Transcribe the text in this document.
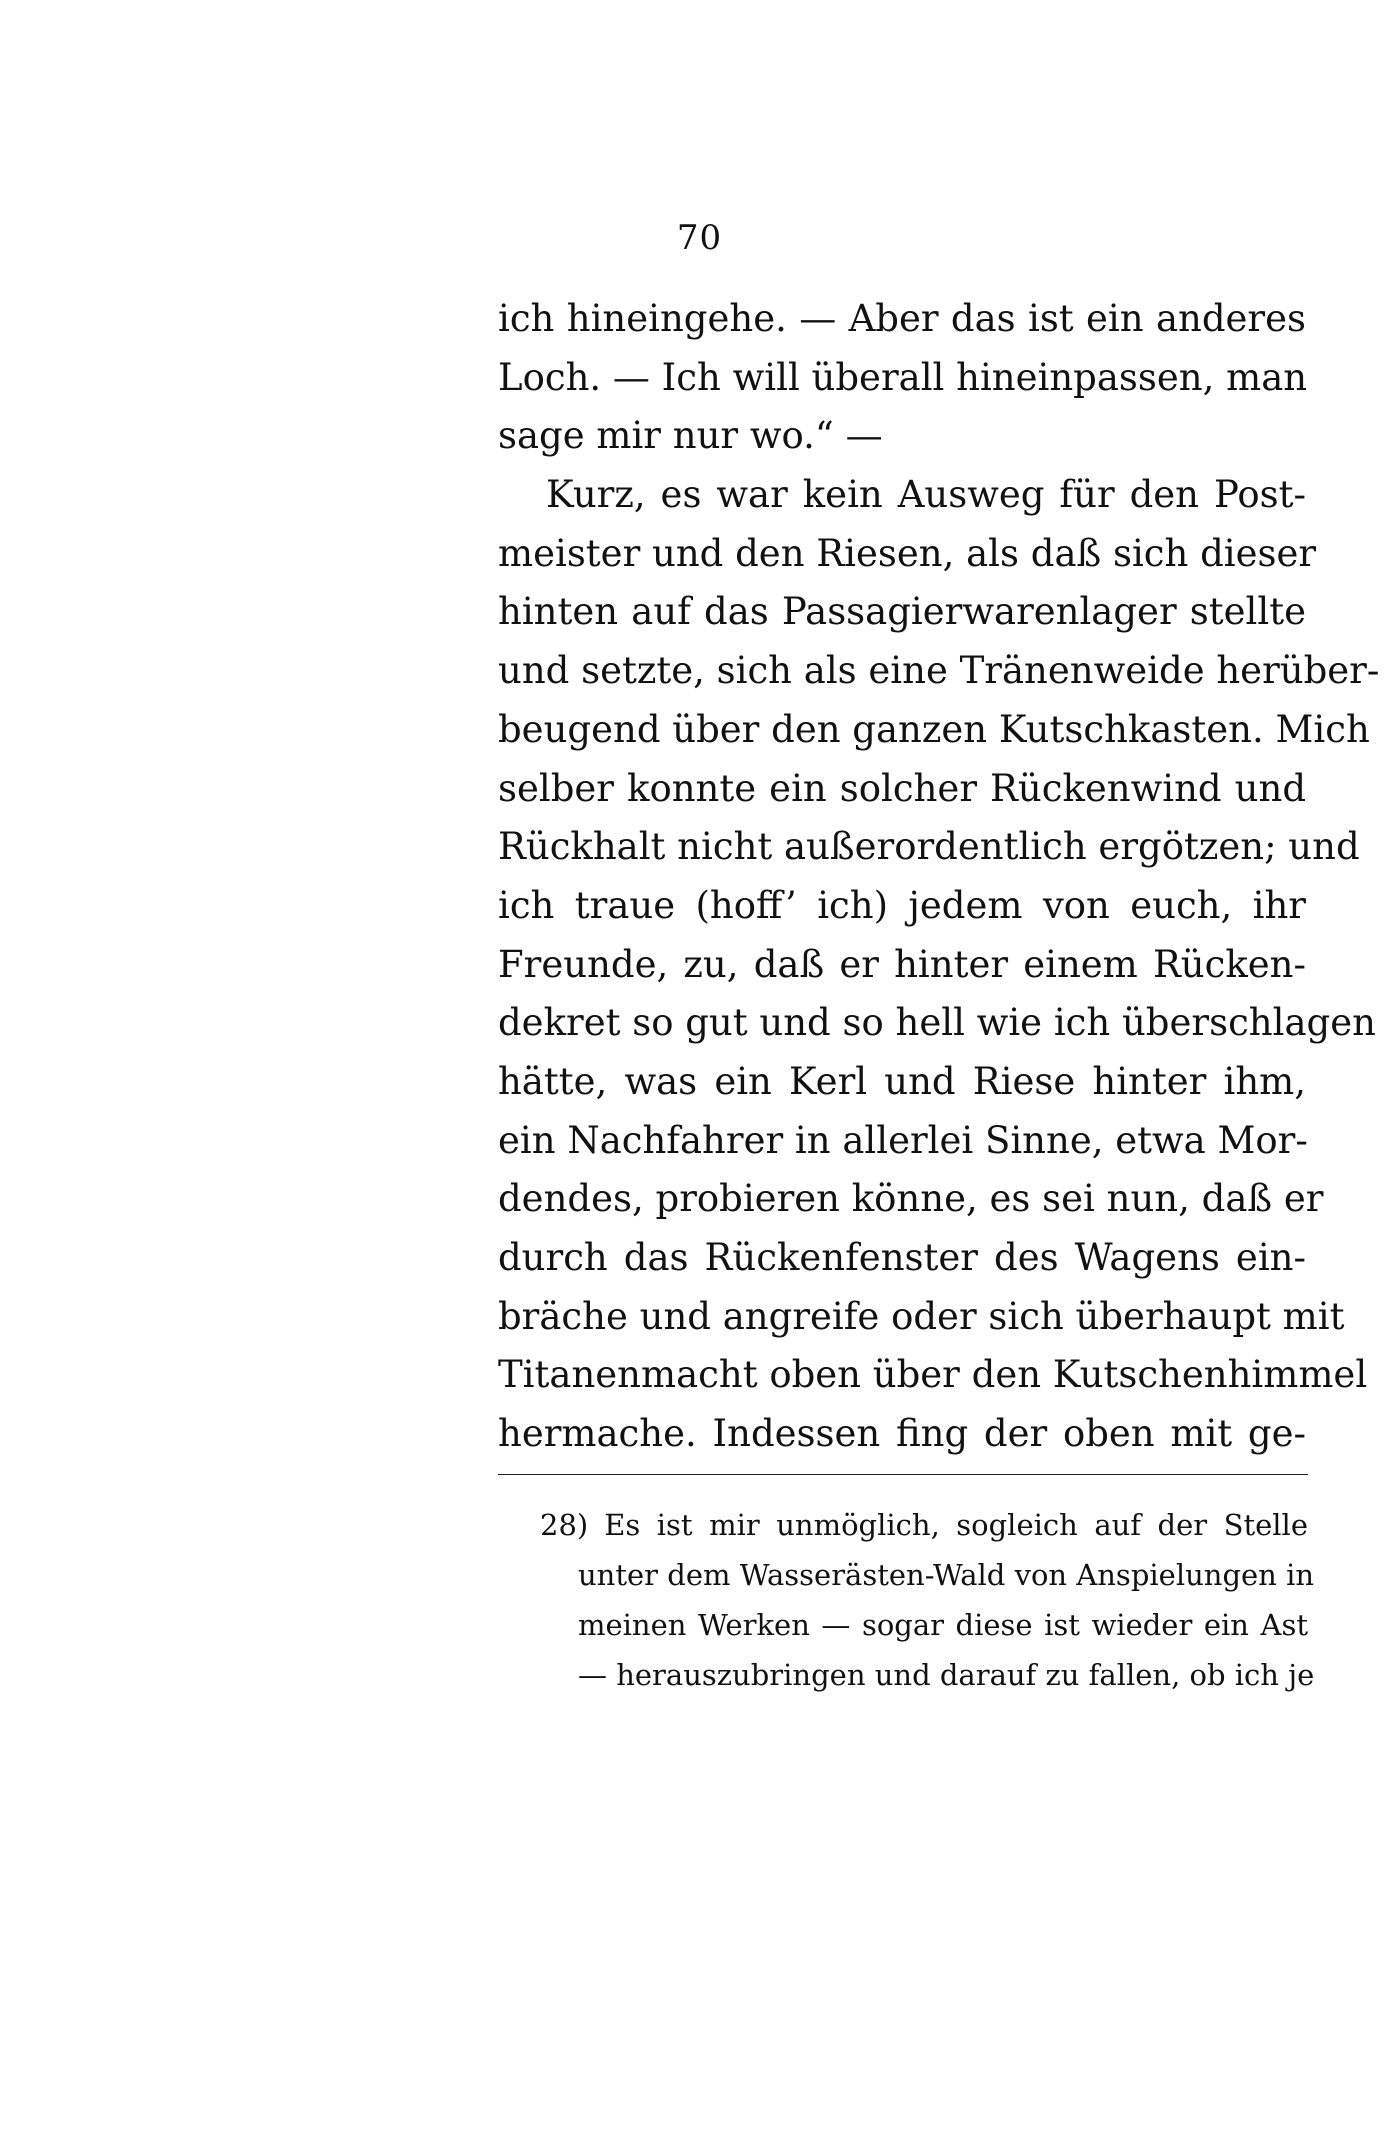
70
ich hineingehe. — Aber das ist ein anderes
Loch. — Ich will überall hineinpassen, man
sage mir nur wo.“ —
Kurz, es war kein Ausweg für den Post-
meister und den Riesen, als daß sich dieser
hinten auf das Passagierwarenlager stellte
und setzte, sich als eine Tränenweide herüber-
beugend über den ganzen Kutschkasten. Mich
selber konnte ein solcher Rückenwind und
Rückhalt nicht außerordentlich ergötzen; und
ich traue (hoff’ ich) jedem von euch, ihr
Freunde, zu, daß er hinter einem Rücken-
dekret so gut und so hell wie ich überschlagen
hätte, was ein Kerl und Riese hinter ihm,
ein Nachfahrer in allerlei Sinne, etwa Mor-
dendes, probieren könne, es sei nun, daß er
durch das Rückenfenster des Wagens ein-
bräche und angreife oder sich überhaupt mit
Titanenmacht oben über den Kutschenhimmel
hermache. Indessen fing der oben mit ge-
28) Es ist mir unmöglich, sogleich auf der Stelle
unter dem Wasserästen-Wald von Anspielungen in
meinen Werken — sogar diese ist wieder ein Ast
— herauszubringen und darauf zu fallen, ob ich je
